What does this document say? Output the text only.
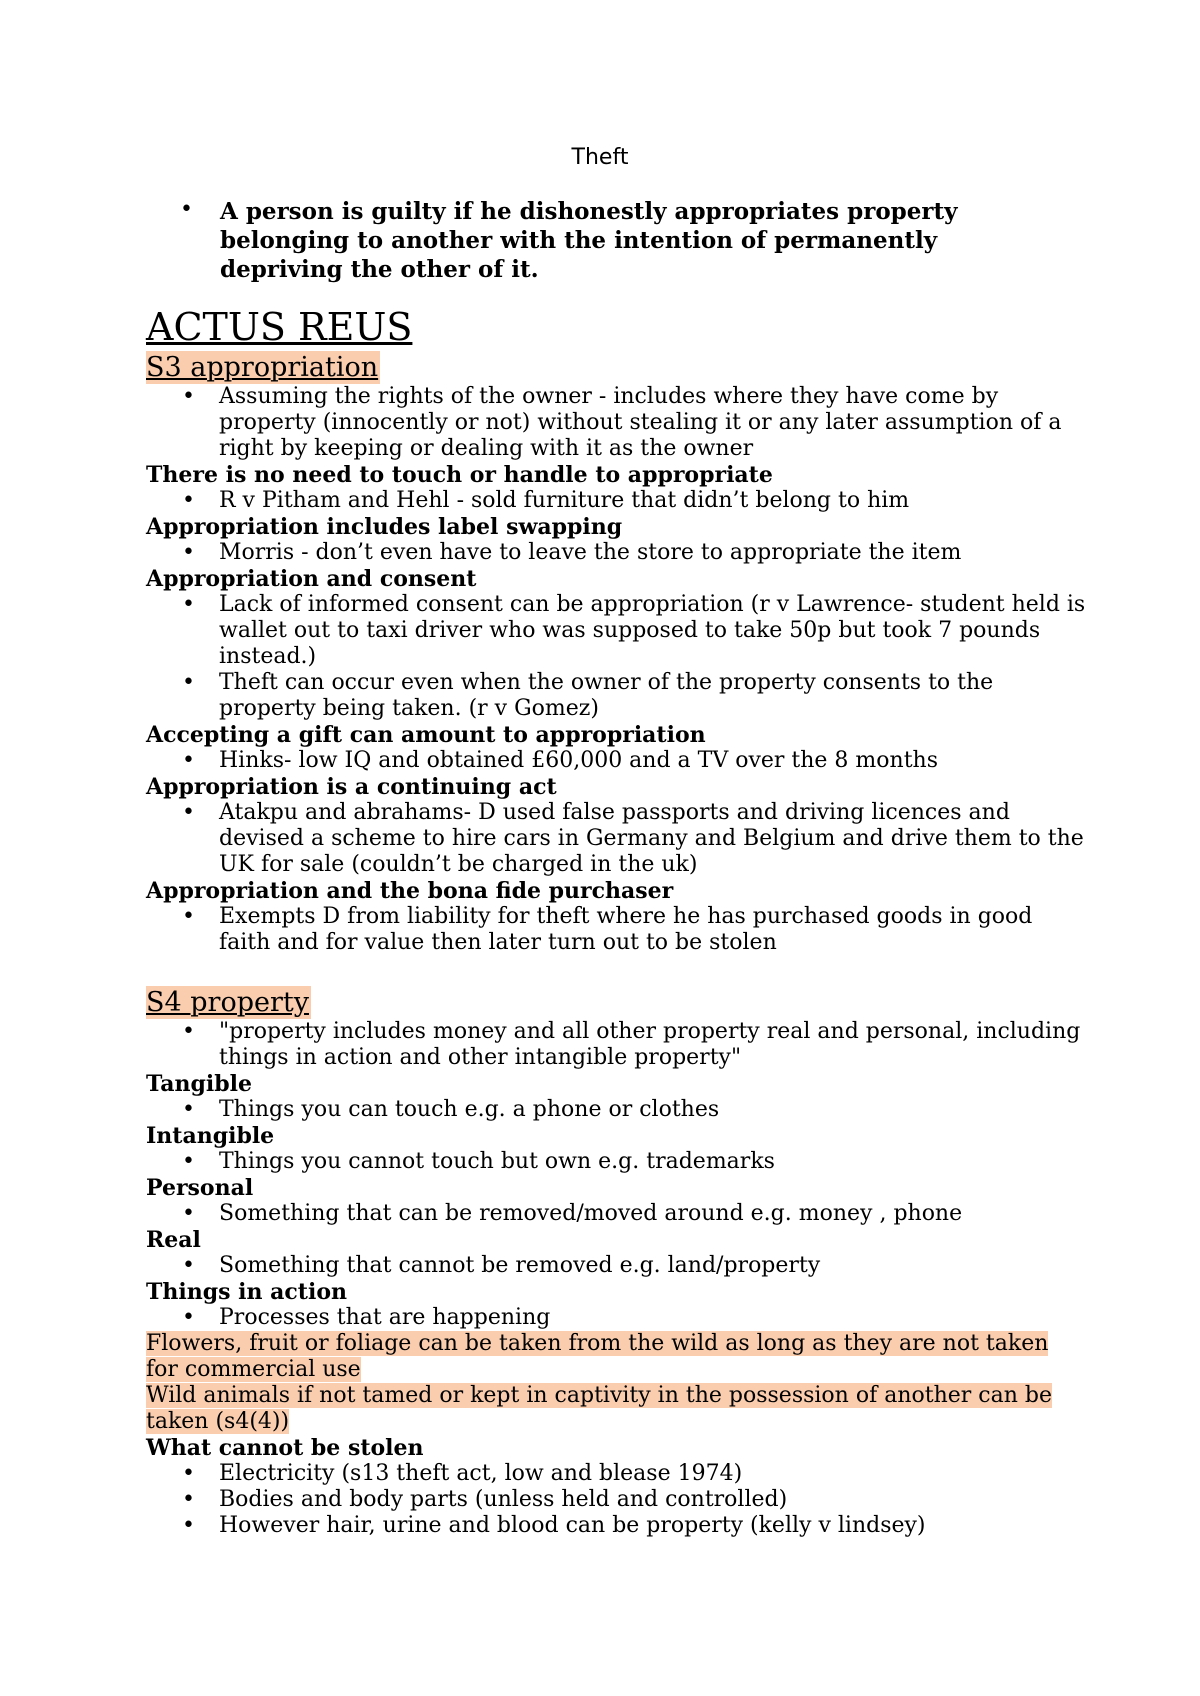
Theft
• A person is guilty if he dishonestly appropriates property belonging to another with the intention of permanently depriving the other of it.
ACTUS REUS
S3 appropriation
• Assuming the rights of the owner - includes where they have come by property (innocently or not) without stealing it or any later assumption of a right by keeping or dealing with it as the owner
There is no need to touch or handle to appropriate
• R v Pitham and Hehl - sold furniture that didn’t belong to him
Appropriation includes label swapping
• Morris - don’t even have to leave the store to appropriate the item
Appropriation and consent
• Lack of informed consent can be appropriation (r v Lawrence- student held is wallet out to taxi driver who was supposed to take 50p but took 7 pounds instead.)
• Theft can occur even when the owner of the property consents to the property being taken. (r v Gomez)
Accepting a gift can amount to appropriation
• Hinks- low IQ and obtained £60,000 and a TV over the 8 months
Appropriation is a continuing act
• Atakpu and abrahams- D used false passports and driving licences and devised a scheme to hire cars in Germany and Belgium and drive them to the UK for sale (couldn’t be charged in the uk)
Appropriation and the bona fide purchaser
• Exempts D from liability for theft where he has purchased goods in good faith and for value then later turn out to be stolen
S4 property
• "property includes money and all other property real and personal, including things in action and other intangible property"
Tangible
• Things you can touch e.g. a phone or clothes
Intangible
• Things you cannot touch but own e.g. trademarks
Personal
• Something that can be removed/moved around e.g. money , phone
Real
• Something that cannot be removed e.g. land/property
Things in action
• Processes that are happening
Flowers, fruit or foliage can be taken from the wild as long as they are not taken for commercial use
Wild animals if not tamed or kept in captivity in the possession of another can be taken (s4(4))
What cannot be stolen
• Electricity (s13 theft act, low and blease 1974)
• Bodies and body parts (unless held and controlled)
• However hair, urine and blood can be property (kelly v lindsey)
